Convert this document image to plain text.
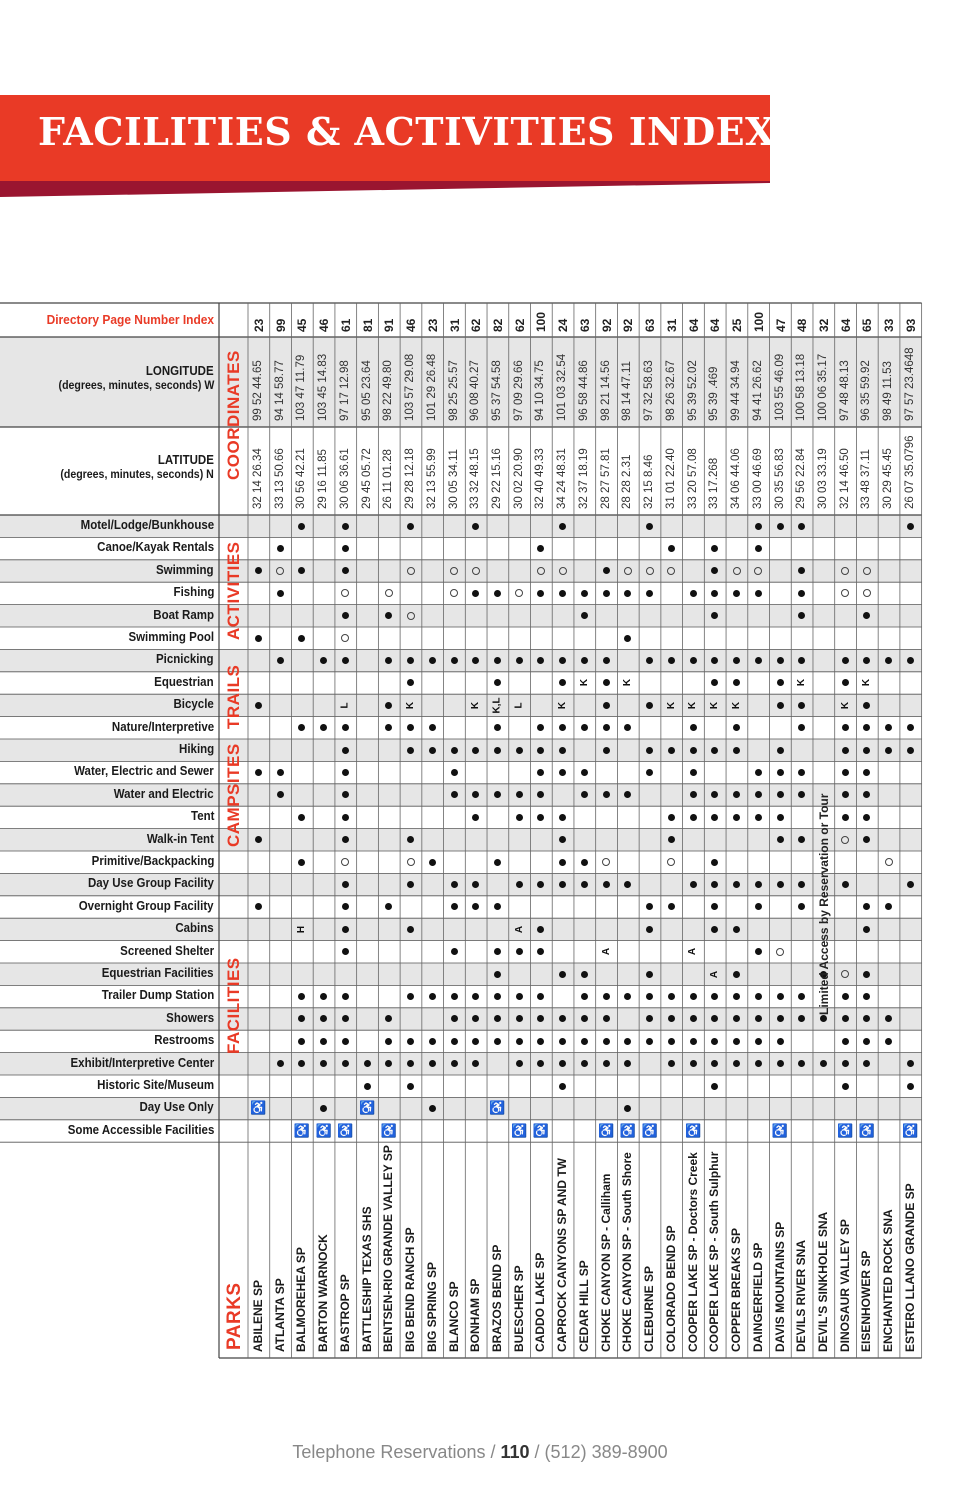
FACILITIES & ACTIVITIES INDEX
Directory Page Number Index
LONGITUDE
(degrees, minutes, seconds) W
LATITUDE
(degrees, minutes, seconds) N COORDINATES
PARKS
Motel/Lodge/Bunkhouse
Canoe/Kayak Rentals
Swimming
Fishing
Boat Ramp
Swimming Pool
Picnicking
Equestrian
Bicycle
Nature/Interpretive
Hiking
Water, Electric and Sewer
Water and Electric
Tent
Walk-in Tent
Primitive/Backpacking
Day Use Group Facility
Overnight Group Facility
Cabins
Screened Shelter
Equestrian Facilities
Trailer Dump Station
Showers
Restrooms
Exhibit/Interpretive Center
Historic Site/Museum
Day Use Only
Some Accessible Facilities
ACTIVITIES
TRAILS
CAMPSITES
FACILITIES
23
99 52 44.65
32 14 26.34
ABILENE SP
♿
99
94 14 58.77
33 13 50.66
ATLANTA SP
45
103 47 11.79
30 56 42.21
BALMOREHEA SP
H
♿
46
103 45 14.83
29 16 11.85
BARTON WARNOCK
♿
61
97 17 12.98
30 06 36.61
BASTROP SP
L
♿
81
95 05 23.64
29 45 05.72
BATTLESHIP TEXAS SHS
♿
91
98 22 49.80
26 11 01.28
BENTSEN-RIO GRANDE VALLEY SP
♿
46
103 57 29.08
29 28 12.18
BIG BEND RANCH SP
K
23
101 29 26.48
32 13 55.99
BIG SPRING SP
31
98 25 25.57
30 05 34.11
BLANCO SP
62
96 08 40.27
33 32 48.15
BONHAM SP
K
82
95 37 54.58
29 22 15.16
BRAZOS BEND SP
K,L
♿
62
97 09 29.66
30 02 20.90
BUESCHER SP
L
A
♿
100
94 10 34.75
32 40 49.33
CADDO LAKE SP
♿
24
101 03 32.54
34 24 48.31
CAPROCK CANYONS SP AND TW
K
63
96 58 44.86
32 37 18.19
CEDAR HILL SP
K
92
98 21 14.56
28 27 57.81
CHOKE CANYON SP - Calliham
A
♿
92
98 14 47.11
28 28 2.31
CHOKE CANYON SP - South Shore
K
♿
63
97 32 58.63
32 15 8.46
CLEBURNE SP
♿
31
98 26 32.67
31 01 22.40
COLORADO BEND SP
K
64
95 39 52.02
33 20 57.08
COOPER LAKE SP - Doctors Creek
K
A
♿
64
95 39 .469
33 17.268
COOPER LAKE SP - South Sulphur
K
A
25
99 44 34.94
34 06 44.06
COPPER BREAKS SP
K
100
94 41 26.62
33 00 46.69
DAINGERFIELD SP
47
103 55 46.09
30 35 56.83
DAVIS MOUNTAINS SP
♿
48
100 58 13.18
29 56 22.84
DEVILS RIVER SNA
K
32
100 06 35.17
30 03 33.19
DEVIL'S SINKHOLE SNA
64
97 48 48.13
32 14 46.50
DINOSAUR VALLEY SP
K
♿
65
96 35 59.92
33 48 37.11
EISENHOWER SP
K
♿
33
98 49 11.53
30 29 45.45
ENCHANTED ROCK SNA
93
97 57 23.4648
26 07 35.0796
ESTERO LLANO GRANDE SP
♿
Limited Access by Reservation or Tour
Telephone Reservations / 110 / (512) 389-8900
